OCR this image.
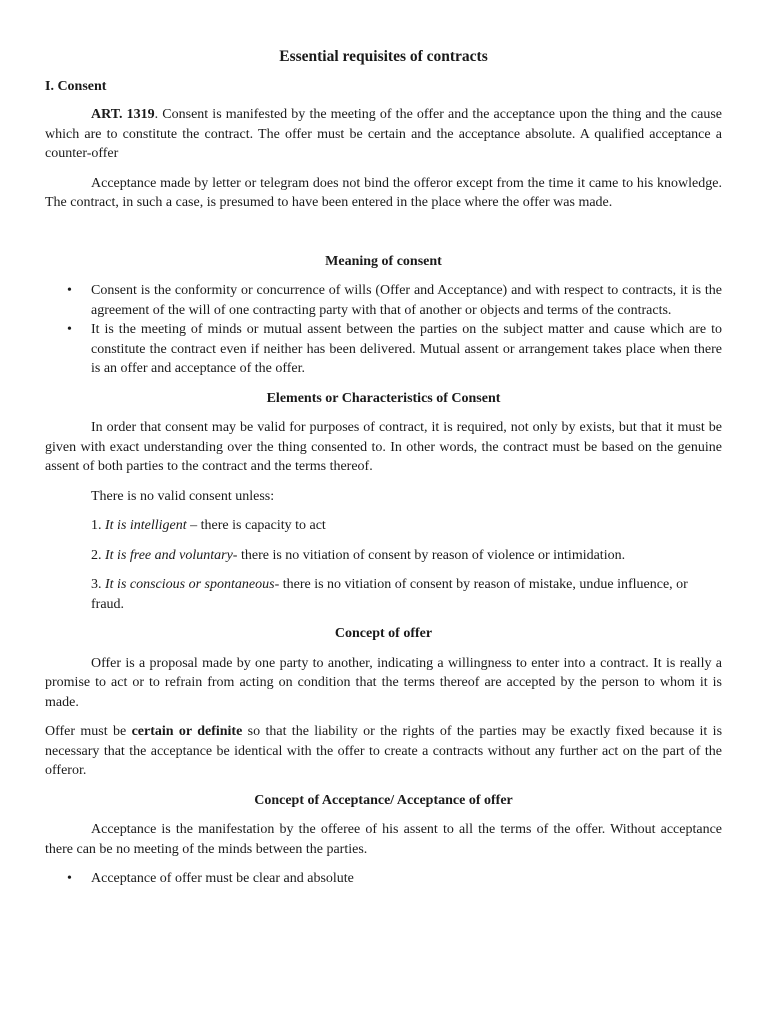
Essential requisites of contracts
I. Consent

ART. 1319. Consent is manifested by the meeting of the offer and the acceptance upon the thing and the cause which are to constitute the contract. The offer must be certain and the acceptance absolute. A qualified acceptance a counter-offer

Acceptance made by letter or telegram does not bind the offeror except from the time it came to his knowledge. The contract, in such a case, is presumed to have been entered in the place where the offer was made.

Meaning of consent
• Consent is the conformity or concurrence of wills (Offer and Acceptance) and with respect to contracts, it is the agreement of the will of one contracting party with that of another or objects and terms of the contracts.
• It is the meeting of minds or mutual assent between the parties on the subject matter and cause which are to constitute the contract even if neither has been delivered. Mutual assent or arrangement takes place when there is an offer and acceptance of the offer.
Elements or Characteristics of Consent

In order that consent may be valid for purposes of contract, it is required, not only by exists, but that it must be given with exact understanding over the thing consented to. In other words, the contract must be based on the genuine assent of both parties to the contract and the terms thereof.

There is no valid consent unless:

1. It is intelligent – there is capacity to act
2. It is free and voluntary- there is no vitiation of consent by reason of violence or intimidation.
3. It is conscious or spontaneous- there is no vitiation of consent by reason of mistake, undue influence, or fraud.
Concept of offer

Offer is a proposal made by one party to another, indicating a willingness to enter into a contract. It is really a promise to act or to refrain from acting on condition that the terms thereof are accepted by the person to whom it is made.

Offer must be certain or definite so that the liability or the rights of the parties may be exactly fixed because it is necessary that the acceptance be identical with the offer to create a contracts without any further act on the part of the offeror.

Concept of Acceptance/ Acceptance of offer

Acceptance is the manifestation by the offeree of his assent to all the terms of the offer. Without acceptance there can be no meeting of the minds between the parties.

• Acceptance of offer must be clear and absolute
